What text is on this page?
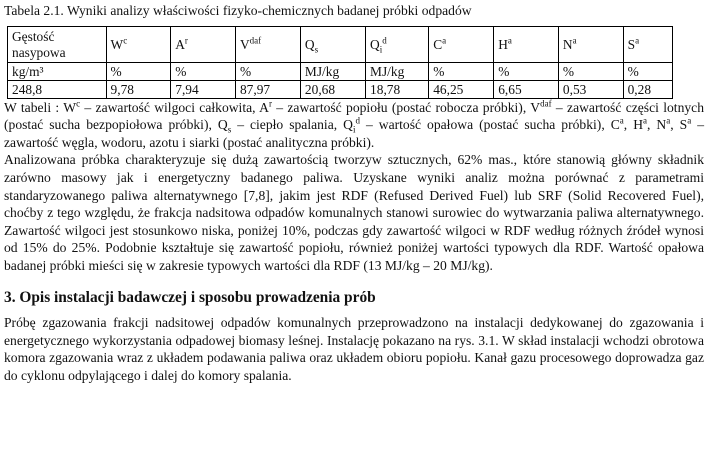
Tabela 2.1. Wyniki analizy właściwości fizyko-chemicznych badanej próbki odpadów
Gęstość nasypowa	$W^c$	$A^r$	$V^{daf}$	$Q_s$	$Q_i^d$	$C^a$	$H^a$	$N^a$	$S^a$
kg/m³	%	%	%	MJ/kg	MJ/kg	%	%	%	%
248,8	9,78	7,94	87,97	20,68	18,78	46,25	6,65	0,53	0,28

W tabeli : $W^c$ – zawartość wilgoci całkowita, $A^r$ – zawartość popiołu (postać robocza próbki), $V^{daf}$ – zawartość części lotnych (postać sucha bezpopiołowa próbki), $Q_s$ – ciepło spalania, $Q_i^d$ – wartość opałowa (postać sucha próbki), $C^a$, $H^a$, $N^a$, $S^a$ – zawartość węgla, wodoru, azotu i siarki (postać analityczna próbki).

Analizowana próbka charakteryzuje się dużą zawartością tworzyw sztucznych, 62% mas., które stanowią główny składnik zarówno masowy jak i energetyczny badanego paliwa. Uzyskane wyniki analiz można porównać z parametrami standaryzowanego paliwa alternatywnego [7,8], jakim jest RDF (Refused Derived Fuel) lub SRF (Solid Recovered Fuel), choćby z tego względu, że frakcja nadsitowa odpadów komunalnych stanowi surowiec do wytwarzania paliwa alternatywnego. Zawartość wilgoci jest stosunkowo niska, poniżej 10%, podczas gdy zawartość wilgoci w RDF według różnych źródeł wynosi od 15% do 25%. Podobnie kształtuje się zawartość popiołu, również poniżej wartości typowych dla RDF. Wartość opałowa badanej próbki mieści się w zakresie typowych wartości dla RDF (13 MJ/kg – 20 MJ/kg).

3. Opis instalacji badawczej i sposobu prowadzenia prób

Próbę zgazowania frakcji nadsitowej odpadów komunalnych przeprowadzono na instalacji dedykowanej do zgazowania i energetycznego wykorzystania odpadowej biomasy leśnej. Instalację pokazano na rys. 3.1. W skład instalacji wchodzi obrotowa komora zgazowania wraz z układem podawania paliwa oraz układem obioru popiołu. Kanał gazu procesowego doprowadza gaz do cyklonu odpylającego i dalej do komory spalania.
